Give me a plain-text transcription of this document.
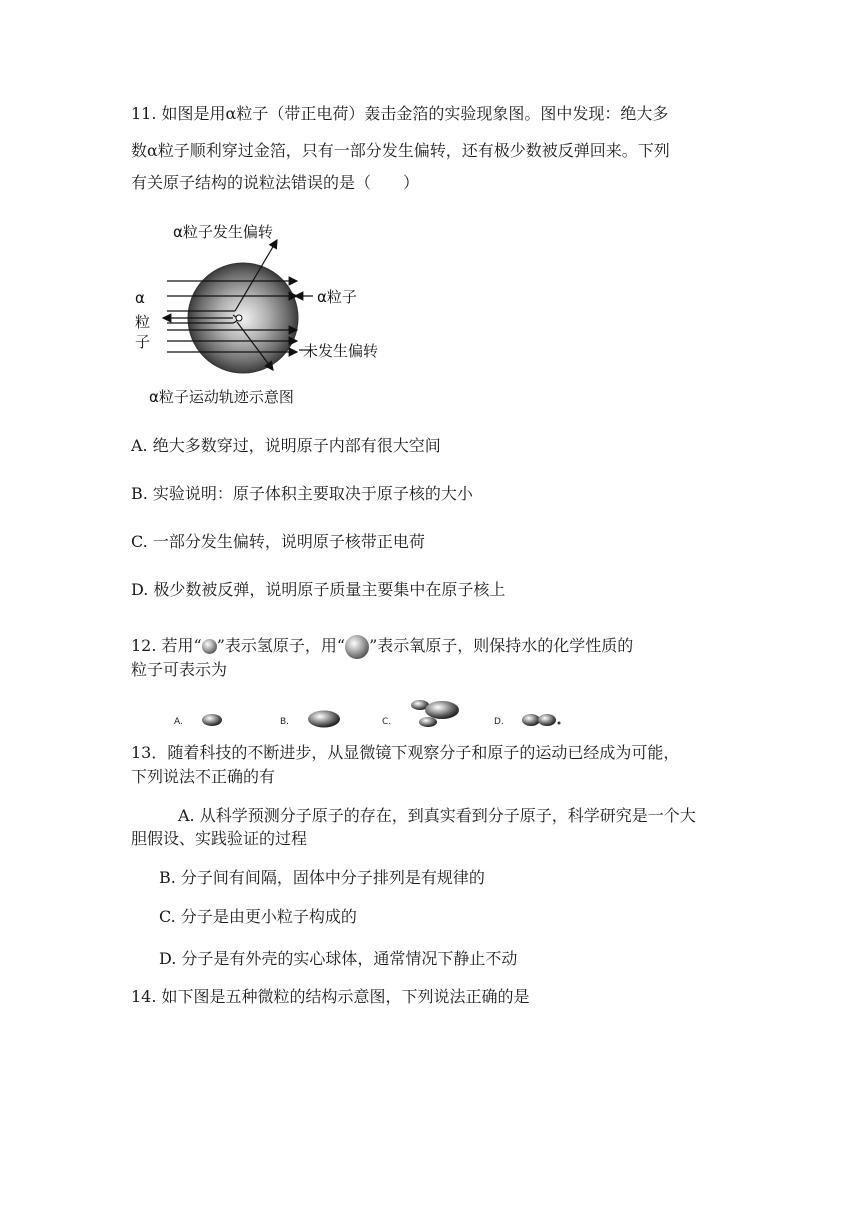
11. 如图是用α粒子（带正电荷）轰击金箔的实验现象图。图中发现：绝大多
数α粒子顺利穿过金箔，只有一部分发生偏转，还有极少数被反弹回来。下列
有关原子结构的说粒法错误的是（　　）
α粒子发生偏转
α
粒
子
α粒子
未发生偏转
α粒子运动轨迹示意图
A. 绝大多数穿过，说明原子内部有很大空间
B. 实验说明：原子体积主要取决于原子核的大小
C. 一部分发生偏转，说明原子核带正电荷
D. 极少数被反弹，说明原子质量主要集中在原子核上
12. 若用“ ”表示氢原子，用“ ”表示氧原子，则保持水的化学性质的
粒子可表示为
A.	B.	C.	D.
13．随着科技的不断进步，从显微镜下观察分子和原子的运动已经成为可能，
下列说法不正确的有
A. 从科学预测分子原子的存在，到真实看到分子原子，科学研究是一个大
胆假设、实践验证的过程
B. 分子间有间隔，固体中分子排列是有规律的
C. 分子是由更小粒子构成的
D. 分子是有外壳的实心球体，通常情况下静止不动
14. 如下图是五种微粒的结构示意图，下列说法正确的是
